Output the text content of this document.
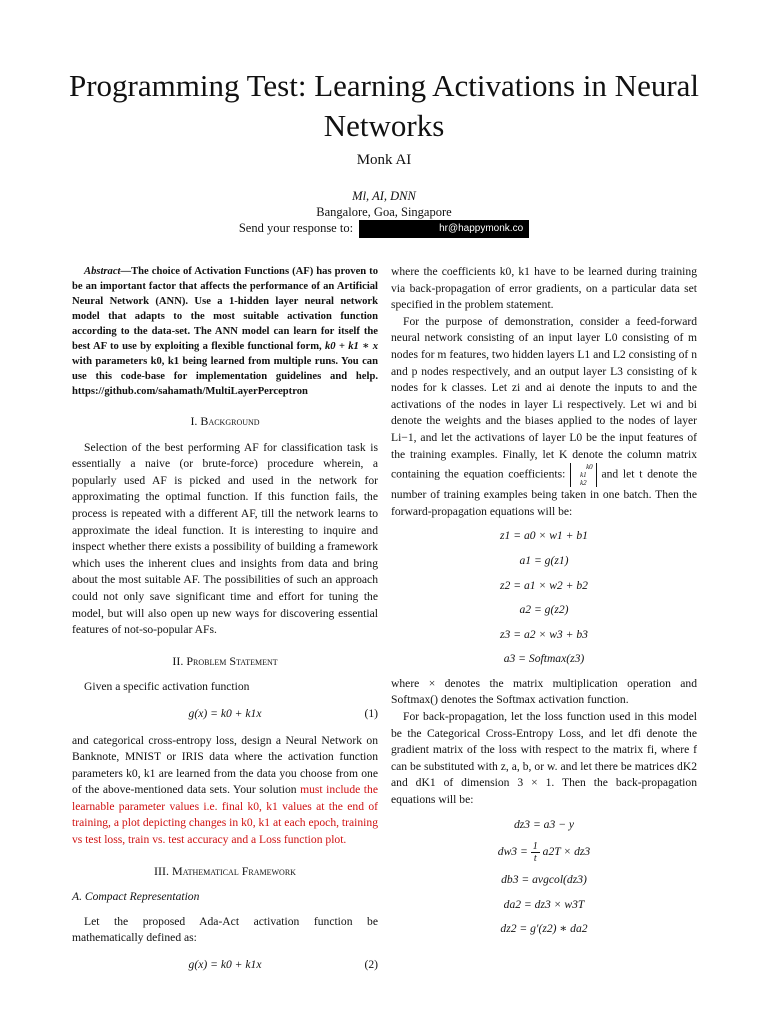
Programming Test: Learning Activations in Neural Networks
Monk AI
Ml, AI, DNN
Bangalore, Goa, Singapore
Send your response to:	hr@happymonk.co

Abstract—The choice of Activation Functions (AF) has proven to be an important factor that affects the performance of an Artificial Neural Network (ANN). Use a 1-hidden layer neural network model that adapts to the most suitable activation function according to the data-set. The ANN model can learn for itself the best AF to use by exploiting a flexible functional form, k0 + k1 ∗ x with parameters k0, k1 being learned from multiple runs. You can use this code-base for implementation guidelines and help. https://github.com/sahamath/MultiLayerPerceptron

I. Background

Selection of the best performing AF for classification task is essentially a naive (or brute-force) procedure wherein, a popularly used AF is picked and used in the network for approximating the optimal function. If this function fails, the process is repeated with a different AF, till the network learns to approximate the ideal function. It is interesting to inquire and inspect whether there exists a possibility of building a framework which uses the inherent clues and insights from data and bring about the most suitable AF. The possibilities of such an approach could not only save significant time and effort for tuning the model, but will also open up new ways for discovering essential features of not-so-popular AFs.

II. Problem Statement

Given a specific activation function

g(x) = k0 + k1x	(1)

and categorical cross-entropy loss, design a Neural Network on Banknote, MNIST or IRIS data where the activation function parameters k0, k1 are learned from the data you choose from one of the above-mentioned data sets. Your solution must include the learnable parameter values i.e. final k0, k1 values at the end of training, a plot depicting changes in k0, k1 at each epoch, training vs test loss, train vs. test accuracy and a Loss function plot.

III. Mathematical Framework
A. Compact Representation

Let the proposed Ada-Act activation function be mathematically defined as:

g(x) = k0 + k1x	(2)

where the coefficients k0, k1 have to be learned during training via back-propagation of error gradients, on a particular data set specified in the problem statement.

For the purpose of demonstration, consider a feed-forward neural network consisting of an input layer L0 consisting of m nodes for m features, two hidden layers L1 and L2 consisting of n and p nodes respectively, and an output layer L3 consisting of k nodes for k classes. Let zi and ai denote the inputs to and the activations of the nodes in layer Li respectively. Let wi and bi denote the weights and the biases applied to the nodes of layer Li−1, and let the activations of layer L0 be the input features of the training examples. Finally, let K denote the column matrix containing the equation coefficients: k0
k1
k2 and let t denote the number of training examples being taken in one batch. Then the forward-propagation equations will be:

z1 = a0 × w1 + b1
a1 = g(z1)
z2 = a1 × w2 + b2
a2 = g(z2)
z3 = a2 × w3 + b3
a3 = Softmax(z3)

where × denotes the matrix multiplication operation and Softmax() denotes the Softmax activation function.

For back-propagation, let the loss function used in this model be the Categorical Cross-Entropy Loss, and let dfi denote the gradient matrix of the loss with respect to the matrix fi, where f can be substituted with z, a, b, or w. and let there be matrices dK2 and dK1 of dimension 3 × 1. Then the back-propagation equations will be:

dz3 = a3 − y
$dw3 = \frac{1}{t} a2T \times dz3$
db3 = avgcol(dz3)
da2 = dz3 × w3T
dz2 = g′(z2) ∗ da2
